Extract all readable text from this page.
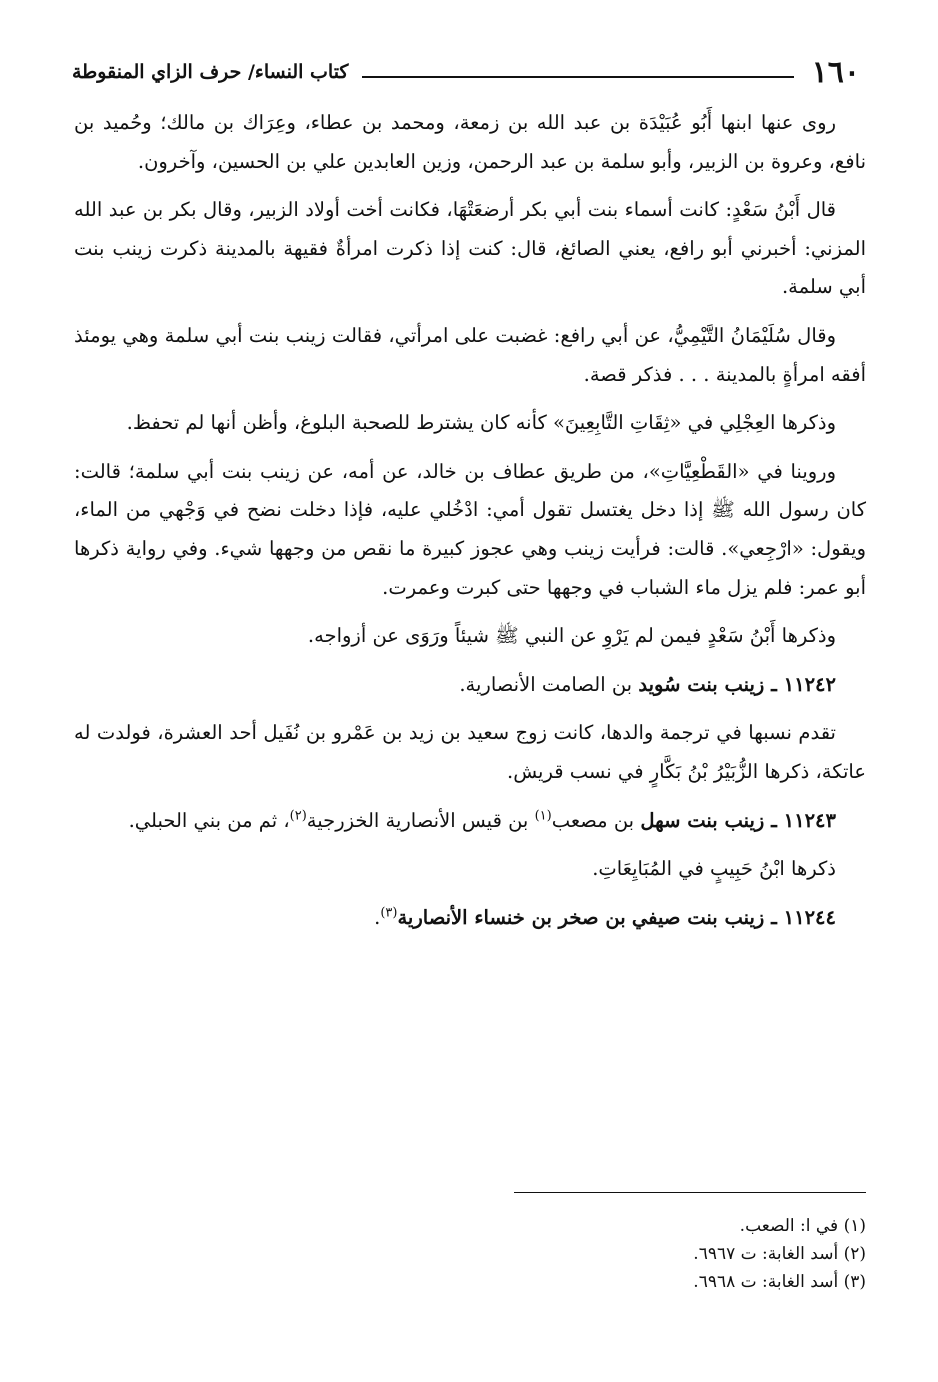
١٦٠
كتاب النساء/ حرف الزاي المنقوطة

روى عنها ابنها أَبُو عُبَيْدَة بن عبد الله بن زمعة، ومحمد بن عطاء، وعِرَاك بن مالك؛ وحُميد بن نافع، وعروة بن الزبير، وأبو سلمة بن عبد الرحمن، وزين العابدين علي بن الحسين، وآخرون.

قال أَبْنُ سَعْدٍ: كانت أسماء بنت أبي بكر أرضعَتْهَا، فكانت أخت أولاد الزبير، وقال بكر بن عبد الله المزني: أخبرني أبو رافع، يعني الصائغ، قال: كنت إذا ذكرت امرأةٌ فقيهة بالمدينة ذكرت زينب بنت أبي سلمة.

وقال سُلَيْمَانُ التَّيْمِيُّ، عن أبي رافع: غضبت على امرأتي، فقالت زينب بنت أبي سلمة وهي يومئذ أفقه امرأةٍ بالمدينة . . . فذكر قصة.

وذكرها العِجْلِي في «ثِقَاتِ التَّابِعِينَ» كأنه كان يشترط للصحبة البلوغ، وأظن أنها لم تحفظ.

وروينا في «القَطْعِيَّاتِ»، من طريق عطاف بن خالد، عن أمه، عن زينب بنت أبي سلمة؛ قالت: كان رسول الله ﷺ إذا دخل يغتسل تقول أمي: ادْخُلي عليه، فإذا دخلت نضح في وَجْهي من الماء، ويقول: «ارْجِعي». قالت: فرأيت زينب وهي عجوز كبيرة ما نقص من وجهها شيء. وفي رواية ذكرها أبو عمر: فلم يزل ماء الشباب في وجهها حتى كبرت وعمرت.

وذكرها أَبْنُ سَعْدٍ فيمن لم يَرْوِ عن النبي ﷺ شيئاً ورَوَى عن أزواجه.

١١٢٤٢ ـ زينب بنت سُويد بن الصامت الأنصارية.

تقدم نسبها في ترجمة والدها، كانت زوج سعيد بن زيد بن عَمْرو بن نُفَيل أحد العشرة، فولدت له عاتكة، ذكرها الزُّبَيْرُ بْنُ بَكَّارٍ في نسب قريش.

١١٢٤٣ ـ زينب بنت سهل بن مصعب$^{(١)}$ بن قيس الأنصارية الخزرجية$^{(٢)}$، ثم من بني الحبلي.

ذكرها ابْنُ حَبِيبٍ في المُبَايِعَاتِ.

١١٢٤٤ ـ زينب بنت صيفي بن صخر بن خنساء الأنصارية$^{(٣)}$.

(١) في ا: الصعب.
(٢) أسد الغابة: ت ٦٩٦٧.
(٣) أسد الغابة: ت ٦٩٦٨.
